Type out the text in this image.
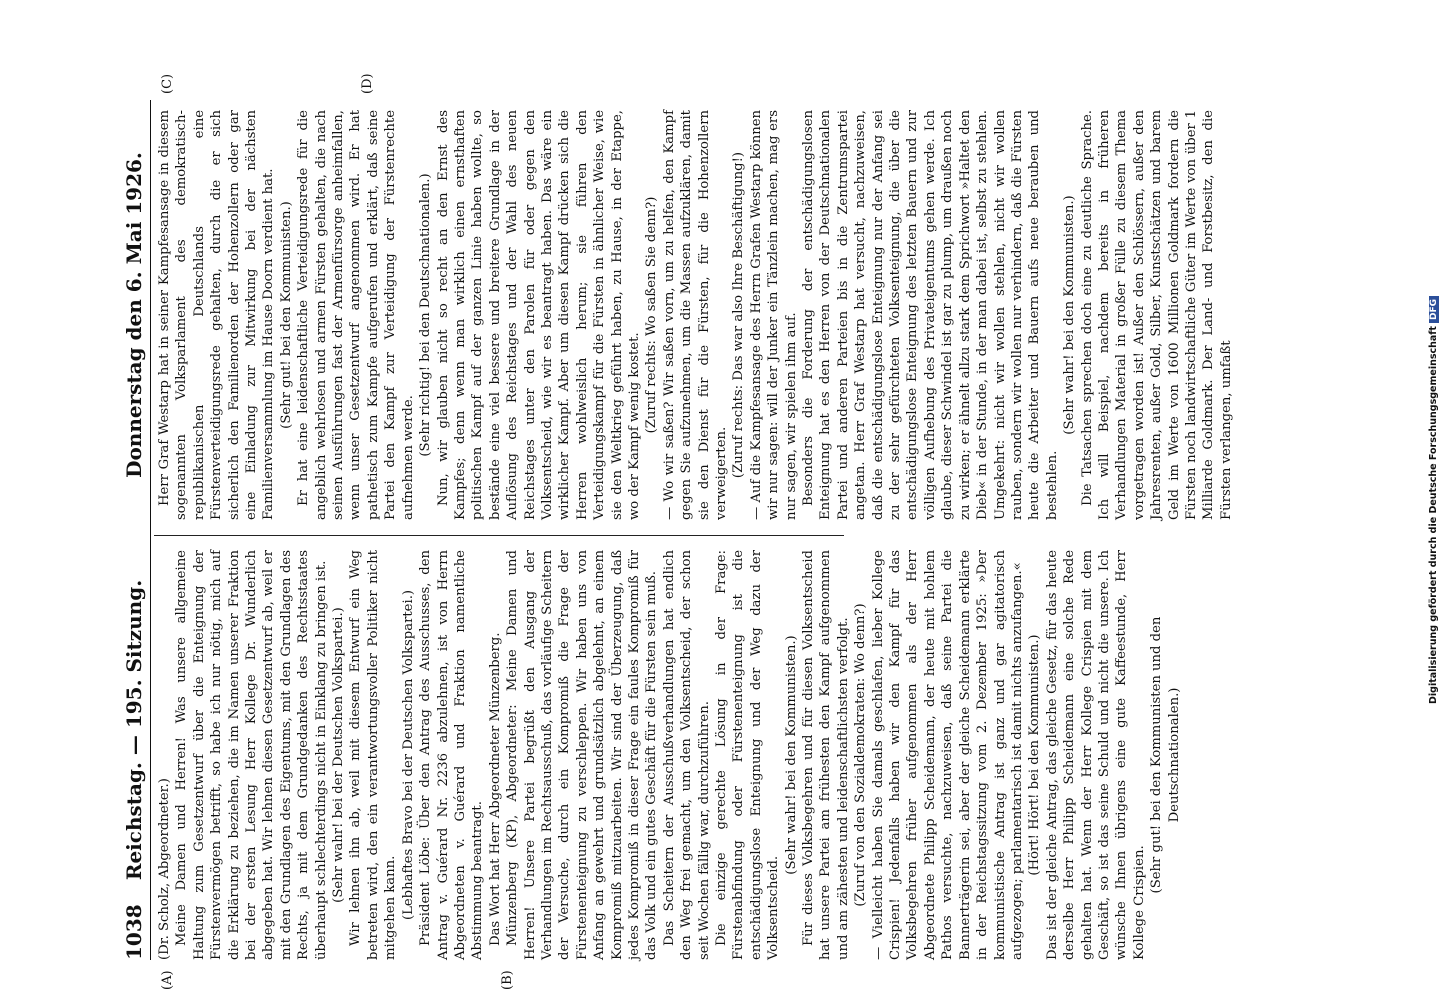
1038
Reichstag. — 195. Sitzung.
Donnerstag den 6. Mai 1926.
(A)	(B)
(C)	(D)

(Dr. Scholz, Abgeordneter.) Meine Damen und Herren! Was unsere allgemeine Haltung zum Gesetzentwurf über die Enteignung der Fürstenvermögen betrifft, so habe ich nur nötig, mich auf die Erklärung zu beziehen, die im Namen unserer Fraktion bei der ersten Lesung Herr Kollege Dr. Wunderlich abgegeben hat. Wir lehnen diesen Gesetzentwurf ab, weil er mit den Grundlagen des Eigentums, mit den Grundlagen des Rechts, ja mit dem Grundgedanken des Rechtsstaates überhaupt schlechterdings nicht in Einklang zu bringen ist. (Sehr wahr! bei der Deutschen Volkspartei.) Wir lehnen ihn ab, weil mit diesem Entwurf ein Weg betreten wird, den ein verantwortungsvoller Politiker nicht mitgehen kann. (Lebhaftes Bravo bei der Deutschen Volkspartei.) Präsident Löbe: Über den Antrag des Ausschusses, den Antrag v. Guérard Nr. 2236 abzulehnen, ist von Herrn Abgeordneten v. Guérard und Fraktion namentliche Abstimmung beantragt. Das Wort hat Herr Abgeordneter Münzenberg. Münzenberg (KP), Abgeordneter: Meine Damen und Herren! Unsere Partei begrüßt den Ausgang der Verhandlungen im Rechtsausschuß, das vorläufige Scheitern der Versuche, durch ein Kompromiß die Frage der Fürstenenteignung zu verschleppen. Wir haben uns von Anfang an gewehrt und grundsätzlich abgelehnt, an einem Kompromiß mitzuarbeiten. Wir sind der Überzeugung, daß jedes Kompromiß in dieser Frage ein faules Kompromiß für das Volk und ein gutes Geschäft für die Fürsten sein muß. Das Scheitern der Ausschußverhandlungen hat endlich den Weg frei gemacht, um den Volksentscheid, der schon seit Wochen fällig war, durchzuführen. Die einzige gerechte Lösung in der Frage: Fürstenabfindung oder Fürstenenteignung ist die entschädigungslose Enteignung und der Weg dazu der Volksentscheid.

(Sehr wahr! bei den Kommunisten.) Für dieses Volksbegehren und für diesen Volksentscheid hat unsere Partei am frühesten den Kampf aufgenommen und am zähesten und leidenschaftlichsten verfolgt. (Zuruf von den Sozialdemokraten: Wo denn?) — Vielleicht haben Sie damals geschlafen, lieber Kollege Crispien! Jedenfalls haben wir den Kampf für das Volksbegehren früher aufgenommen als der Herr Abgeordnete Philipp Scheidemann, der heute mit hohlem Pathos versuchte, nachzuweisen, daß seine Partei die Bannerträgerin sei, aber der gleiche Scheidemann erklärte in der Reichstagssitzung vom 2. Dezember 1925: »Der kommunistische Antrag ist ganz und gar agitatorisch aufgezogen; parlamentarisch ist damit nichts anzufangen.« (Hört! Hört! bei den Kommunisten.) Das ist der gleiche Antrag, das gleiche Gesetz, für das heute derselbe Herr Philipp Scheidemann eine solche Rede gehalten hat. Wenn der Herr Kollege Crispien mit dem Geschäft, so ist das seine Schuld und nicht die unsere. Ich wünsche Ihnen übrigens eine gute Kaffeestunde, Herr Kollege Crispien.

(Sehr gut! bei den Kommunisten und den Deutschnationalen.)

Herr Graf Westarp hat in seiner Kampfesansage in diesem sogenannten Volksparlament des demokratisch-republikanischen Deutschlands eine Fürstenverteidigungsrede gehalten, durch die er sich sicherlich den Familienorden der Hohenzollern oder gar eine Einladung zur Mitwirkung bei der nächsten Familienversammlung im Hause Doorn verdient hat. (Sehr gut! bei den Kommunisten.) Er hat eine leidenschaftliche Verteidigungsrede für die angeblich wehrlosen und armen Fürsten gehalten, die nach seinen Ausführungen fast der Armenfürsorge anheimfallen, wenn unser Gesetzentwurf angenommen wird. Er hat pathetisch zum Kampfe aufgerufen und erklärt, daß seine Partei den Kampf zur Verteidigung der Fürstenrechte aufnehmen werde.

(Sehr richtig! bei den Deutschnationalen.) Nun, wir glauben nicht so recht an den Ernst des Kampfes; denn wenn man wirklich einen ernsthaften politischen Kampf auf der ganzen Linie haben wollte, so bestände eine viel bessere und breitere Grundlage in der Auflösung des Reichstages und der Wahl des neuen Reichstages unter den Parolen für oder gegen den Volksentscheid, wie wir es beantragt haben. Das wäre ein wirklicher Kampf. Aber um diesen Kampf drücken sich die Herren wohlweislich herum; sie führen den Verteidigungskampf für die Fürsten in ähnlicher Weise, wie sie den Weltkrieg geführt haben, zu Hause, in der Etappe, wo der Kampf wenig kostet. (Zuruf rechts: Wo saßen Sie denn?) — Wo wir saßen? Wir saßen vorn, um zu helfen, den Kampf gegen Sie aufzunehmen, um die Massen aufzuklären, damit sie den Dienst für die Fürsten, für die Hohenzollern verweigerten. (Zuruf rechts: Das war also Ihre Beschäftigung!) — Auf die Kampfesansage des Herrn Grafen Westarp können wir nur sagen: will der Junker ein Tänzlein machen, mag ers nur sagen, wir spielen ihm auf. Besonders die Forderung der entschädigungslosen Enteignung hat es den Herren von der Deutschnationalen Partei und anderen Parteien bis in die Zentrumspartei angetan. Herr Graf Westarp hat versucht, nachzuweisen, daß die entschädigungslose Enteignung nur der Anfang sei zu der sehr gefürchteten Volksenteignung, die über die entschädigungslose Enteignung des letzten Bauern und zur völligen Aufhebung des Privateigentums gehen werde. Ich glaube, dieser Schwindel ist gar zu plump, um draußen noch zu wirken; er ähnelt allzu stark dem Sprichwort »Haltet den Dieb« in der Stunde, in der man dabei ist, selbst zu stehlen. Umgekehrt: nicht wir wollen stehlen, nicht wir wollen rauben, sondern wir wollen nur verhindern, daß die Fürsten heute die Arbeiter und Bauern aufs neue berauben und bestehlen.

(Sehr wahr! bei den Kommunisten.) Die Tatsachen sprechen doch eine zu deutliche Sprache. Ich will Beispiel, nachdem bereits in früheren Verhandlungen Material in großer Fülle zu diesem Thema vorgetragen worden ist! Außer den Schlössern, außer den Jahresrenten, außer Gold, Silber, Kunstschätzen und barem Geld im Werte von 1600 Millionen Goldmark fordern die Fürsten noch landwirtschaftliche Güter im Werte von über 1 Milliarde Goldmark. Der Land- und Forstbesitz, den die Fürsten verlangen, umfaßt	Digitalisierung gefördert durch die Deutsche ForschungsgemeinschaftDFG
